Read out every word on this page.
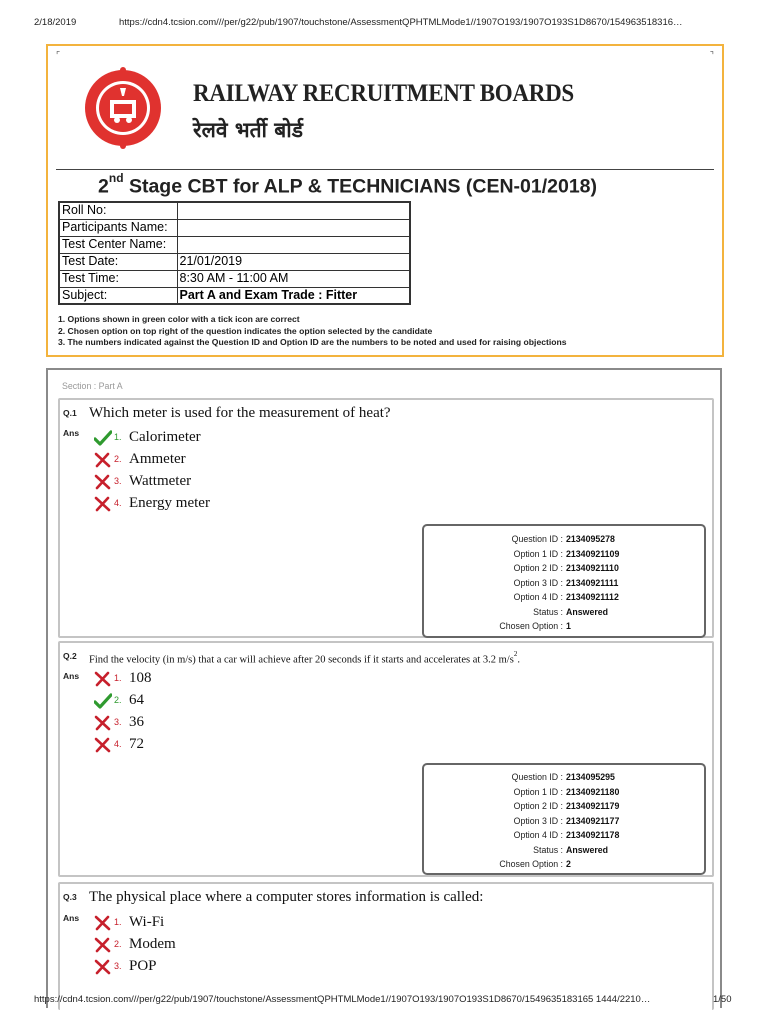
2/18/2019	https://cdn4.tcsion.com///per/g22/pub/1907/touchstone/AssessmentQPHTMLMode1//1907O193/1907O193S1D8670/154963518316…
⌜	⌝
RAILWAY RECRUITMENT BOARDS
रेलवे भर्ती बोर्ड
2nd Stage CBT for ALP & TECHNICIANS (CEN-01/2018)
Roll No:	
Participants Name:	
Test Center Name:	
Test Date:	21/01/2019
Test Time:	8:30 AM - 11:00 AM
Subject:	Part A and Exam Trade : Fitter
1. Options shown in green color with a tick icon are correct
2. Chosen option on top right of the question indicates the option selected by the candidate
3. The numbers indicated against the Question ID and Option ID are the numbers to be noted and used for raising objections
Section : Part A
Q.1
Ans
Which meter is used for the measurement of heat?
1. Calorimeter
2. Ammeter
3. Wattmeter
4. Energy meter
Question ID : 2134095278
Option 1 ID : 21340921109
Option 2 ID : 21340921110
Option 3 ID : 21340921111
Option 4 ID : 21340921112
Status : Answered
Chosen Option : 1
Q.2
Ans
Find the velocity (in m/s) that a car will achieve after 20 seconds if it starts and accelerates at 3.2 $m/s^2$.
1. 108
2. 64
3. 36
4. 72
Question ID : 2134095295
Option 1 ID : 21340921180
Option 2 ID : 21340921179
Option 3 ID : 21340921177
Option 4 ID : 21340921178
Status : Answered
Chosen Option : 2
Q.3
Ans
The physical place where a computer stores information is called:
1. Wi-Fi
2. Modem
3. POP
https://cdn4.tcsion.com///per/g22/pub/1907/touchstone/AssessmentQPHTMLMode1//1907O193/1907O193S1D8670/1549635183165 1444/2210…	1/50
